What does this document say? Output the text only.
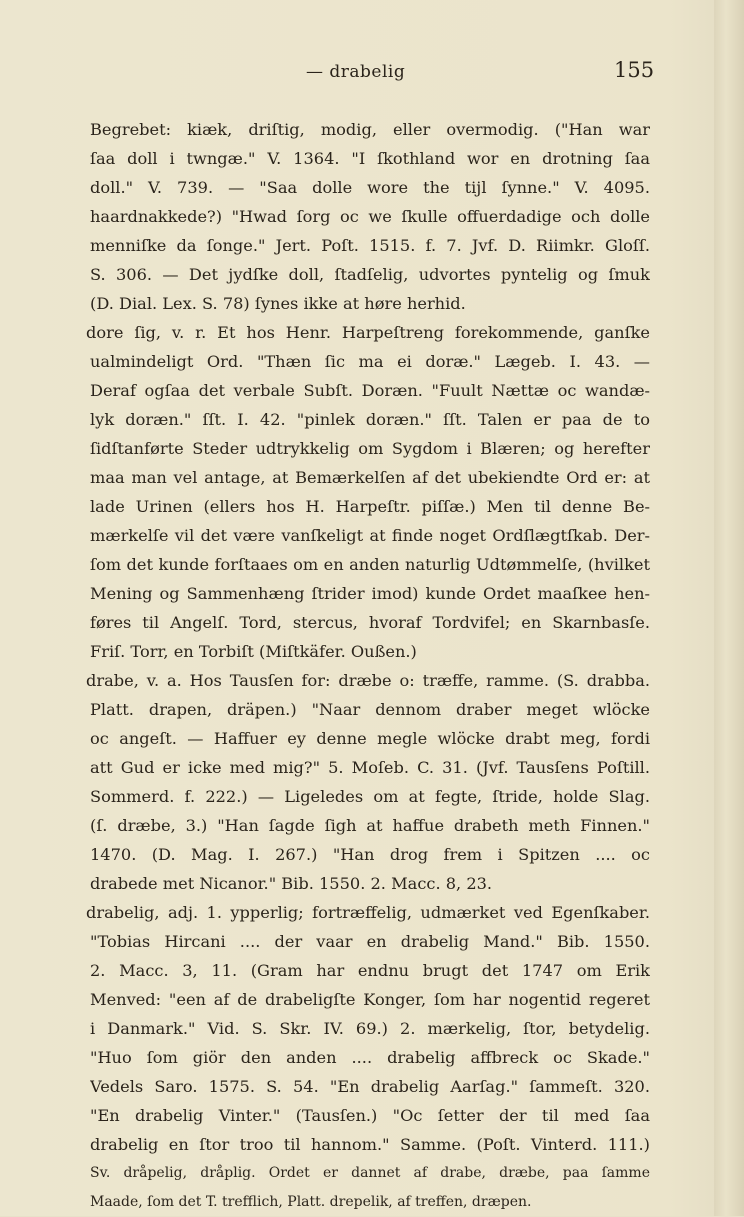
— drabelig	155
Begrebet: kiæk, driſtig, modig, eller overmodig. ("Han war
ſaa doll i twngæ." V. 1364. "I ſkothland wor en drotning ſaa
doll." V. 739. — "Saa dolle wore the tijl ſynne." V. 4095.
haardnakkede?) "Hwad ſorg oc we ſkulle offuerdadige och dolle
menniſke da ſonge." Jert. Poſt. 1515. f. 7. Jvf. D. Riimkr. Gloſſ.
S. 306. — Det jydſke doll, ſtadſelig, udvortes pyntelig og ſmuk
(D. Dial. Lex. S. 78) ſynes ikke at høre herhid.
dore ſig, v. r. Et hos Henr. Harpeſtreng forekommende, ganſke
ualmindeligt Ord. "Thæn ſic ma ei doræ." Lægeb. I. 43. —
Deraf ogſaa det verbale Subſt. Doræn. "Fuult Nættæ oc wandæ-
lyk doræn." ſſt. I. 42. "pinlek doræn." ſſt. Talen er paa de to
ſidſtanførte Steder udtrykkelig om Sygdom i Blæren; og herefter
maa man vel antage, at Bemærkelſen af det ubekiendte Ord er: at
lade Urinen (ellers hos H. Harpeſtr. piſſæ.) Men til denne Be-
mærkelſe vil det være vanſkeligt at finde noget Ordſlægtſkab. Der-
ſom det kunde forſtaaes om en anden naturlig Udtømmelſe, (hvilket
Mening og Sammenhæng ſtrider imod) kunde Ordet maaſkee hen-
føres til Angelſ. Tord, stercus, hvoraf Tordvifel; en Skarnbasſe.
Friſ. Torr, en Torbiſt (Miſtkäfer. Oußen.)
drabe, v. a. Hos Tausſen for: dræbe o: træffe, ramme. (S. drabba.
Platt. drapen, dräpen.) "Naar dennom draber meget wlöcke
oc angeſt. — Haffuer ey denne megle wlöcke drabt meg, fordi
att Gud er icke med mig?" 5. Moſeb. C. 31. (Jvf. Tausſens Poſtill.
Sommerd. f. 222.) — Ligeledes om at fegte, ſtride, holde Slag.
(ſ. dræbe, 3.) "Han ſagde ſigh at haffue drabeth meth Finnen."
1470. (D. Mag. I. 267.) "Han drog frem i Spitzen .... oc
drabede met Nicanor." Bib. 1550. 2. Macc. 8, 23.
drabelig, adj. 1. ypperlig; fortræffelig, udmærket ved Egenſkaber.
"Tobias Hircani .... der vaar en drabelig Mand." Bib. 1550.
2. Macc. 3, 11. (Gram har endnu brugt det 1747 om Erik
Menved: "een af de drabeligſte Konger, ſom har nogentid regeret
i Danmark." Vid. S. Skr. IV. 69.) 2. mærkelig, ſtor, betydelig.
"Huo ſom giör den anden .... drabelig affbreck oc Skade."
Vedels Saro. 1575. S. 54. "En drabelig Aarſag." ſammeſt. 320.
"En drabelig Vinter." (Tausſen.) "Oc ſetter der til med ſaa
drabelig en ſtor troo til hannom." Samme. (Poſt. Vinterd. 111.)
Sv. dråpelig, dråplig. Ordet er dannet af drabe, dræbe, paa ſamme
Maade, ſom det T. trefflich, Platt. drepelik, af treffen, dræpen.
